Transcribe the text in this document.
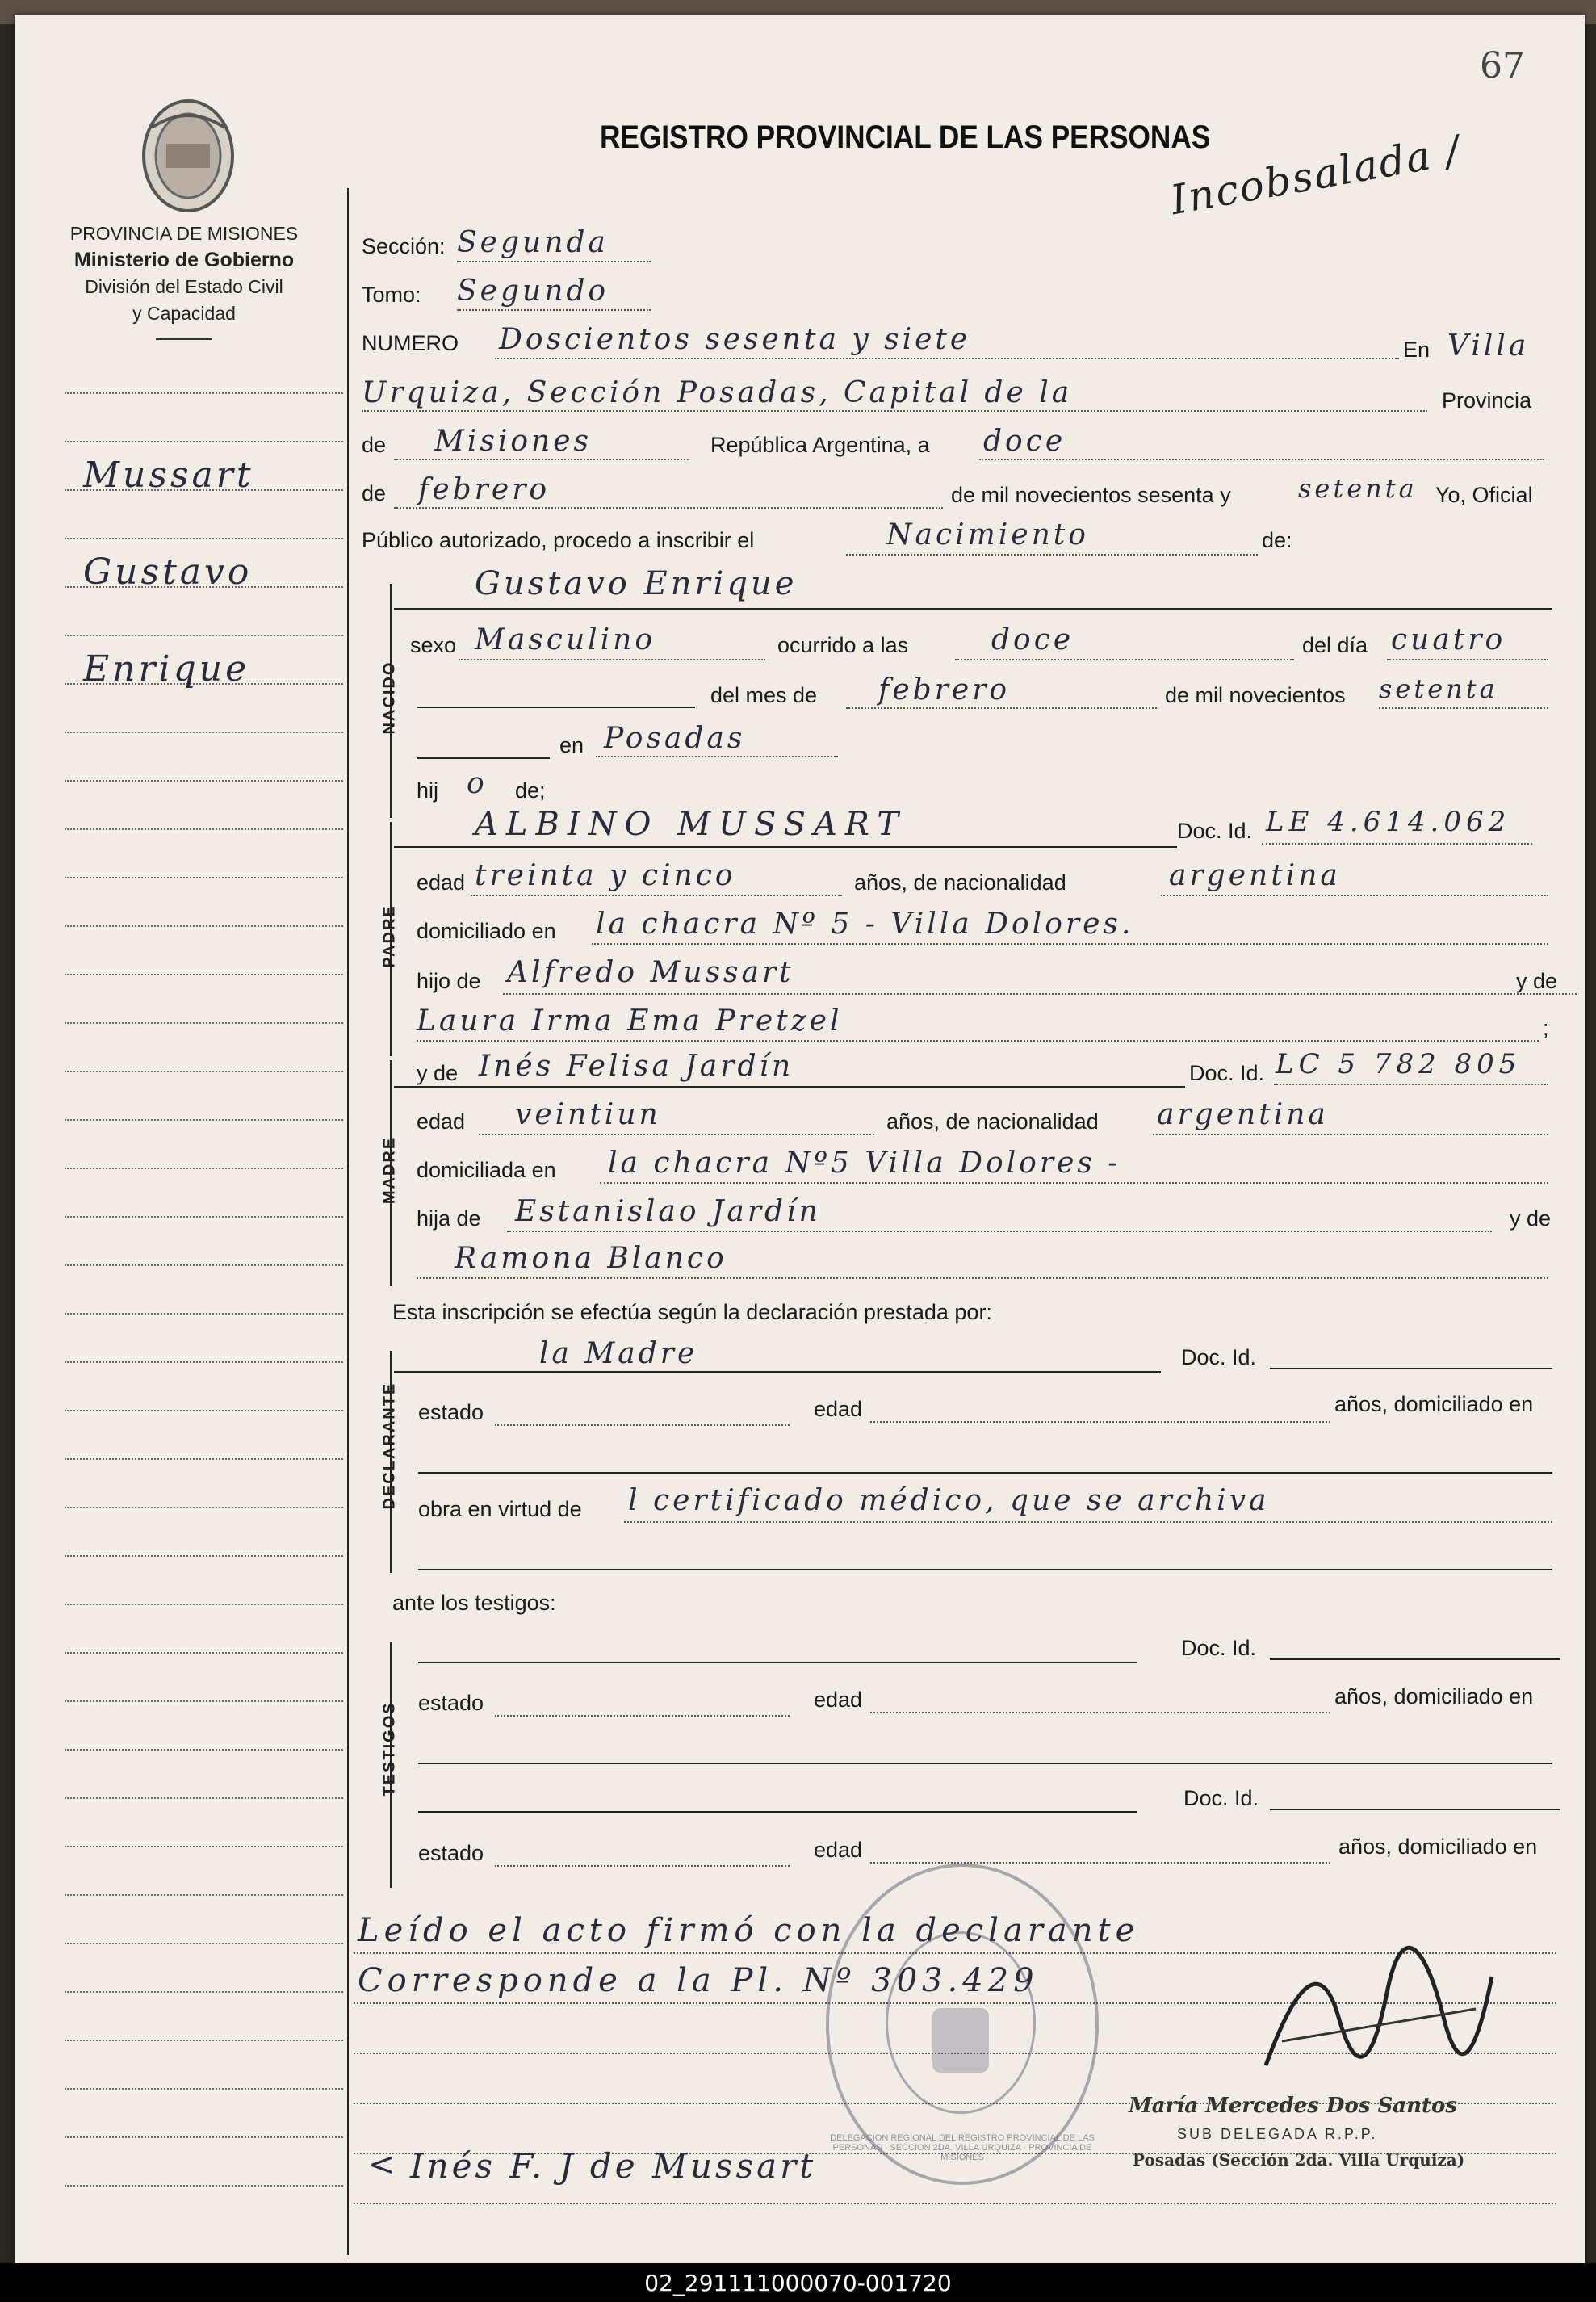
67
PROVINCIA DE MISIONES
Ministerio de Gobierno
División del Estado Civil
y Capacidad
REGISTRO PROVINCIAL DE LAS PERSONAS
Incobsalada /
Mussart
Gustavo
Enrique
Sección: Segunda
Tomo: Segundo
NUMERO Doscientos sesenta y siete	En Villa
Urquiza, Sección Posadas, Capital de la	Provincia
de Misiones	República Argentina, a doce
de febrero	de mil novecientos sesenta y	setenta Yo, Oficial
Público autorizado, procedo a inscribir el	Nacimiento	de:
NACIDO
Gustavo Enrique
sexo Masculino	ocurrido a las	doce	del día cuatro
del mes de febrero	de mil novecientos setenta
en Posadas
hij o de;
PADRE
ALBINO MUSSART	Doc. Id. LE 4.614.062
edad treinta y cinco	años, de nacionalidad	argentina
domiciliado en la chacra Nº 5 - Villa Dolores.
hijo de Alfredo Mussart	y de
Laura Irma Ema Pretzel	;
MADRE
y de Inés Felisa Jardín	Doc. Id. LC 5 782 805
edad veintiun	años, de nacionalidad argentina
domiciliada en la chacra Nº5 Villa Dolores -
hija de Estanislao Jardín	y de
Ramona Blanco
Esta inscripción se efectúa según la declaración prestada por:
DECLARANTE
la Madre	Doc. Id.
estado	edad	años, domiciliado en
obra en virtud de l certificado médico, que se archiva
ante los testigos:
TESTIGOS
Doc. Id.
estado	edad	años, domiciliado en
Doc. Id.
estado	edad	años, domiciliado en
Leído el acto firmó con la declarante
Corresponde a la Pl. Nº 303.429
< Inés F. J de Mussart
DELEGACION REGIONAL DEL REGISTRO PROVINCIAL DE LAS PERSONAS · SECCION 2DA. VILLA URQUIZA · PROVINCIA DE MISIONES
María Mercedes Dos Santos
SUB DELEGADA R.P.P.
Posadas (Sección 2da. Villa Urquiza)
02_291111000070-001720
